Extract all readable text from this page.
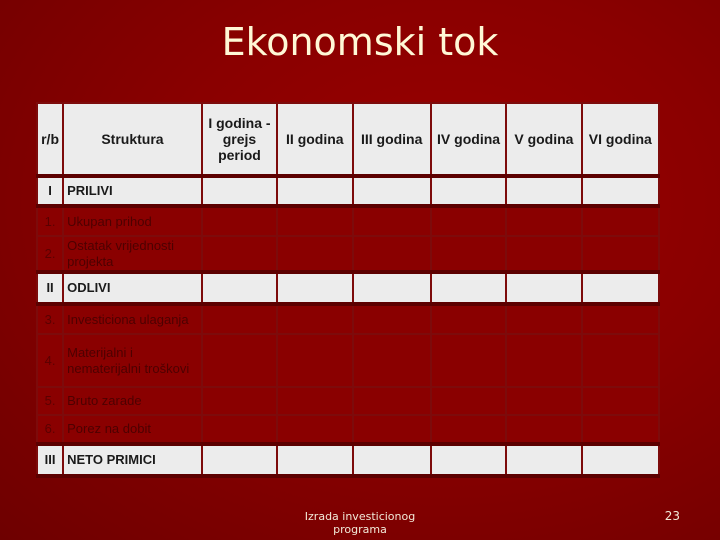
Ekonomski tok
r/b	Struktura	I godina - grejs period	II godina	III godina	IV godina	V godina	VI godina
I	PRILIVI						
1.	Ukupan prihod						
2.	Ostatak vrijednosti projekta						
II	ODLIVI						
3.	Investiciona ulaganja						
4.	Materijalni i nematerijalni troškovi						
5.	Bruto zarade						
6.	Porez na dobit						
III	NETO PRIMICI						
Izrada investicionog programa
23
